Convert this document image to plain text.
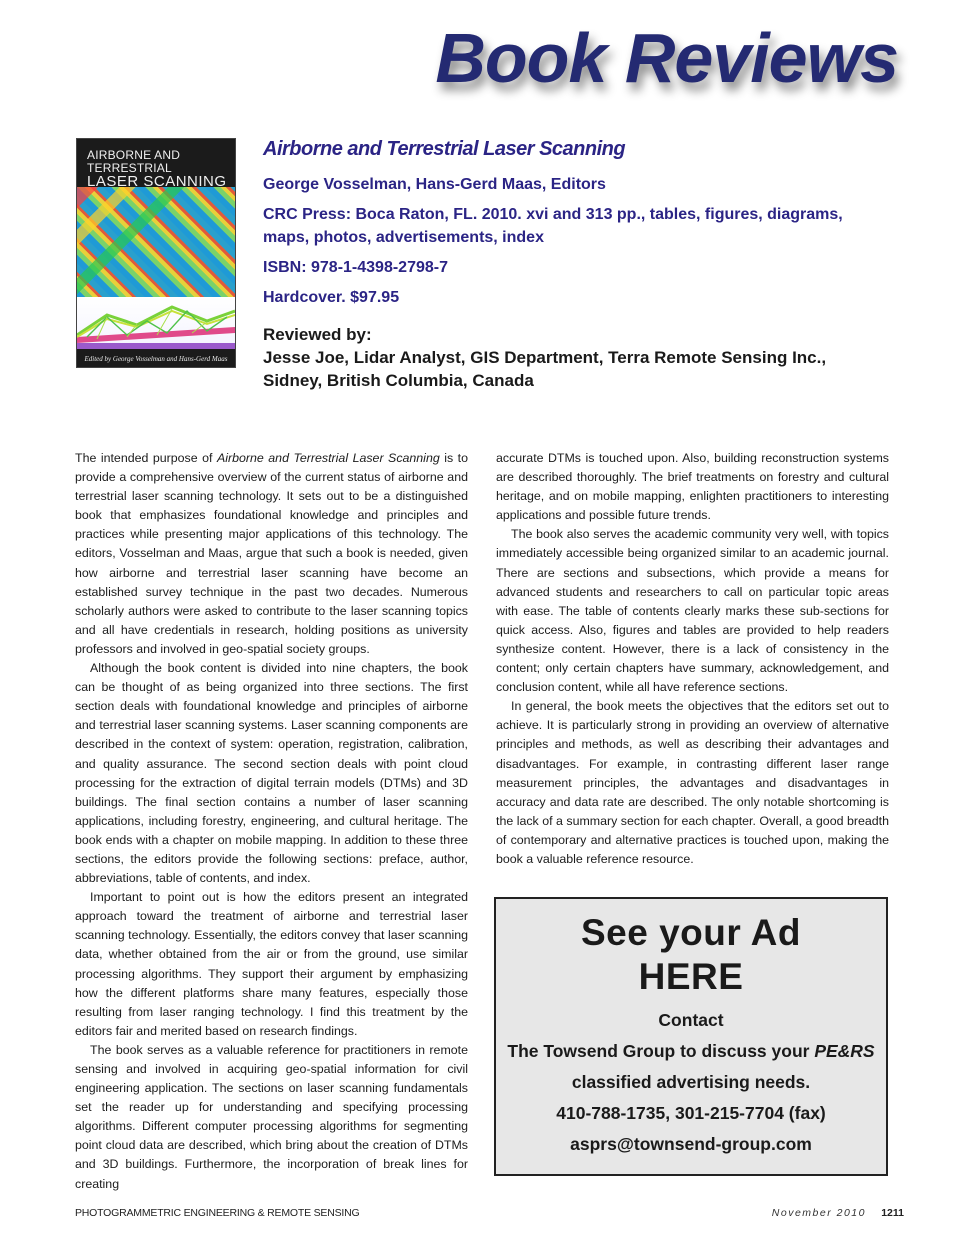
Book Reviews
AIRBORNE AND TERRESTRIAL
LASER SCANNING
Edited by George Vosselman and Hans-Gerd Maas
Airborne and Terrestrial Laser Scanning
George Vosselman, Hans-Gerd Maas, Editors
CRC Press: Boca Raton, FL. 2010. xvi and 313 pp., tables, figures, diagrams, maps, photos, advertisements, index
ISBN: 978-1-4398-2798-7
Hardcover. $97.95
Reviewed by:
Jesse Joe, Lidar Analyst, GIS Department, Terra Remote Sensing Inc., Sidney, British Columbia, Canada

The intended purpose of Airborne and Terrestrial Laser Scanning is to provide a comprehensive overview of the current status of airborne and terrestrial laser scanning technology. It sets out to be a distinguished book that emphasizes foundational knowledge and principles and practices while presenting major applications of this technology. The editors, Vosselman and Maas, argue that such a book is needed, given how airborne and terrestrial laser scanning have become an established survey technique in the past two decades. Numerous scholarly authors were asked to contribute to the laser scanning topics and all have credentials in research, holding positions as university professors and involved in geo-spatial society groups.

Although the book content is divided into nine chapters, the book can be thought of as being organized into three sections. The first section deals with foundational knowledge and principles of airborne and terrestrial laser scanning systems. Laser scanning components are described in the context of system: operation, registration, calibration, and quality assurance. The second section deals with point cloud processing for the extraction of digital terrain models (DTMs) and 3D buildings. The final section contains a number of laser scanning applications, including forestry, engineering, and cultural heritage. The book ends with a chapter on mobile mapping. In addition to these three sections, the editors provide the following sections: preface, author, abbreviations, table of contents, and index.

Important to point out is how the editors present an integrated approach toward the treatment of airborne and terrestrial laser scanning technology. Essentially, the editors convey that laser scanning data, whether obtained from the air or from the ground, use similar processing algorithms. They support their argument by emphasizing how the different platforms share many features, especially those resulting from laser ranging technology. I find this treatment by the editors fair and merited based on research findings.

The book serves as a valuable reference for practitioners in remote sensing and involved in acquiring geo-spatial information for civil engineering application. The sections on laser scanning fundamentals set the reader up for understanding and specifying processing algorithms. Different computer processing algorithms for segmenting point cloud data are described, which bring about the creation of DTMs and 3D buildings. Furthermore, the incorporation of break lines for creating

accurate DTMs is touched upon. Also, building reconstruction systems are described thoroughly. The brief treatments on forestry and cultural heritage, and on mobile mapping, enlighten practitioners to interesting applications and possible future trends.

The book also serves the academic community very well, with topics immediately accessible being organized similar to an academic journal. There are sections and subsections, which provide a means for advanced students and researchers to call on particular topic areas with ease. The table of contents clearly marks these sub-sections for quick access. Also, figures and tables are provided to help readers synthesize content. However, there is a lack of consistency in the content; only certain chapters have summary, acknowledgement, and conclusion content, while all have reference sections.

In general, the book meets the objectives that the editors set out to achieve. It is particularly strong in providing an overview of alternative principles and methods, as well as describing their advantages and disadvantages. For example, in contrasting different laser range measurement principles, the advantages and disadvantages in accuracy and data rate are described. The only notable shortcoming is the lack of a summary section for each chapter. Overall, a good breadth of contemporary and alternative practices is touched upon, making the book a valuable reference resource.

See your Ad
HERE
Contact
The Towsend Group to discuss your PE&RS
classified advertising needs.
410-788-1735, 301-215-7704 (fax)
asprs@townsend-group.com
PHOTOGRAMMETRIC ENGINEERING & REMOTE SENSING	November 2010 1211
